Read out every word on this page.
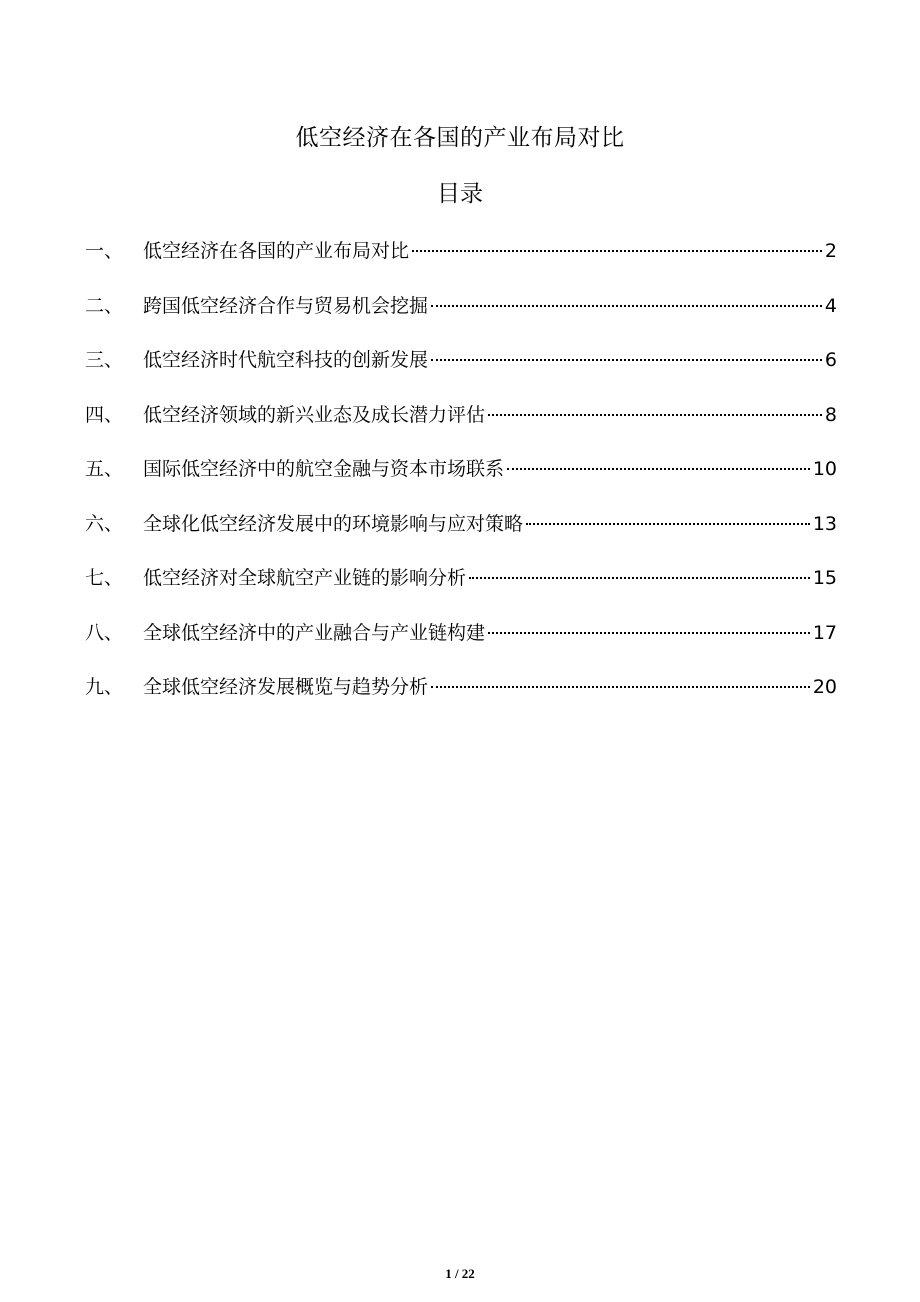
低空经济在各国的产业布局对比
目录
一、	低空经济在各国的产业布局对比	2
二、	跨国低空经济合作与贸易机会挖掘	4
三、	低空经济时代航空科技的创新发展	6
四、	低空经济领域的新兴业态及成长潜力评估	8
五、	国际低空经济中的航空金融与资本市场联系	10
六、	全球化低空经济发展中的环境影响与应对策略	13
七、	低空经济对全球航空产业链的影响分析	15
八、	全球低空经济中的产业融合与产业链构建	17
九、	全球低空经济发展概览与趋势分析	20
1 / 22
